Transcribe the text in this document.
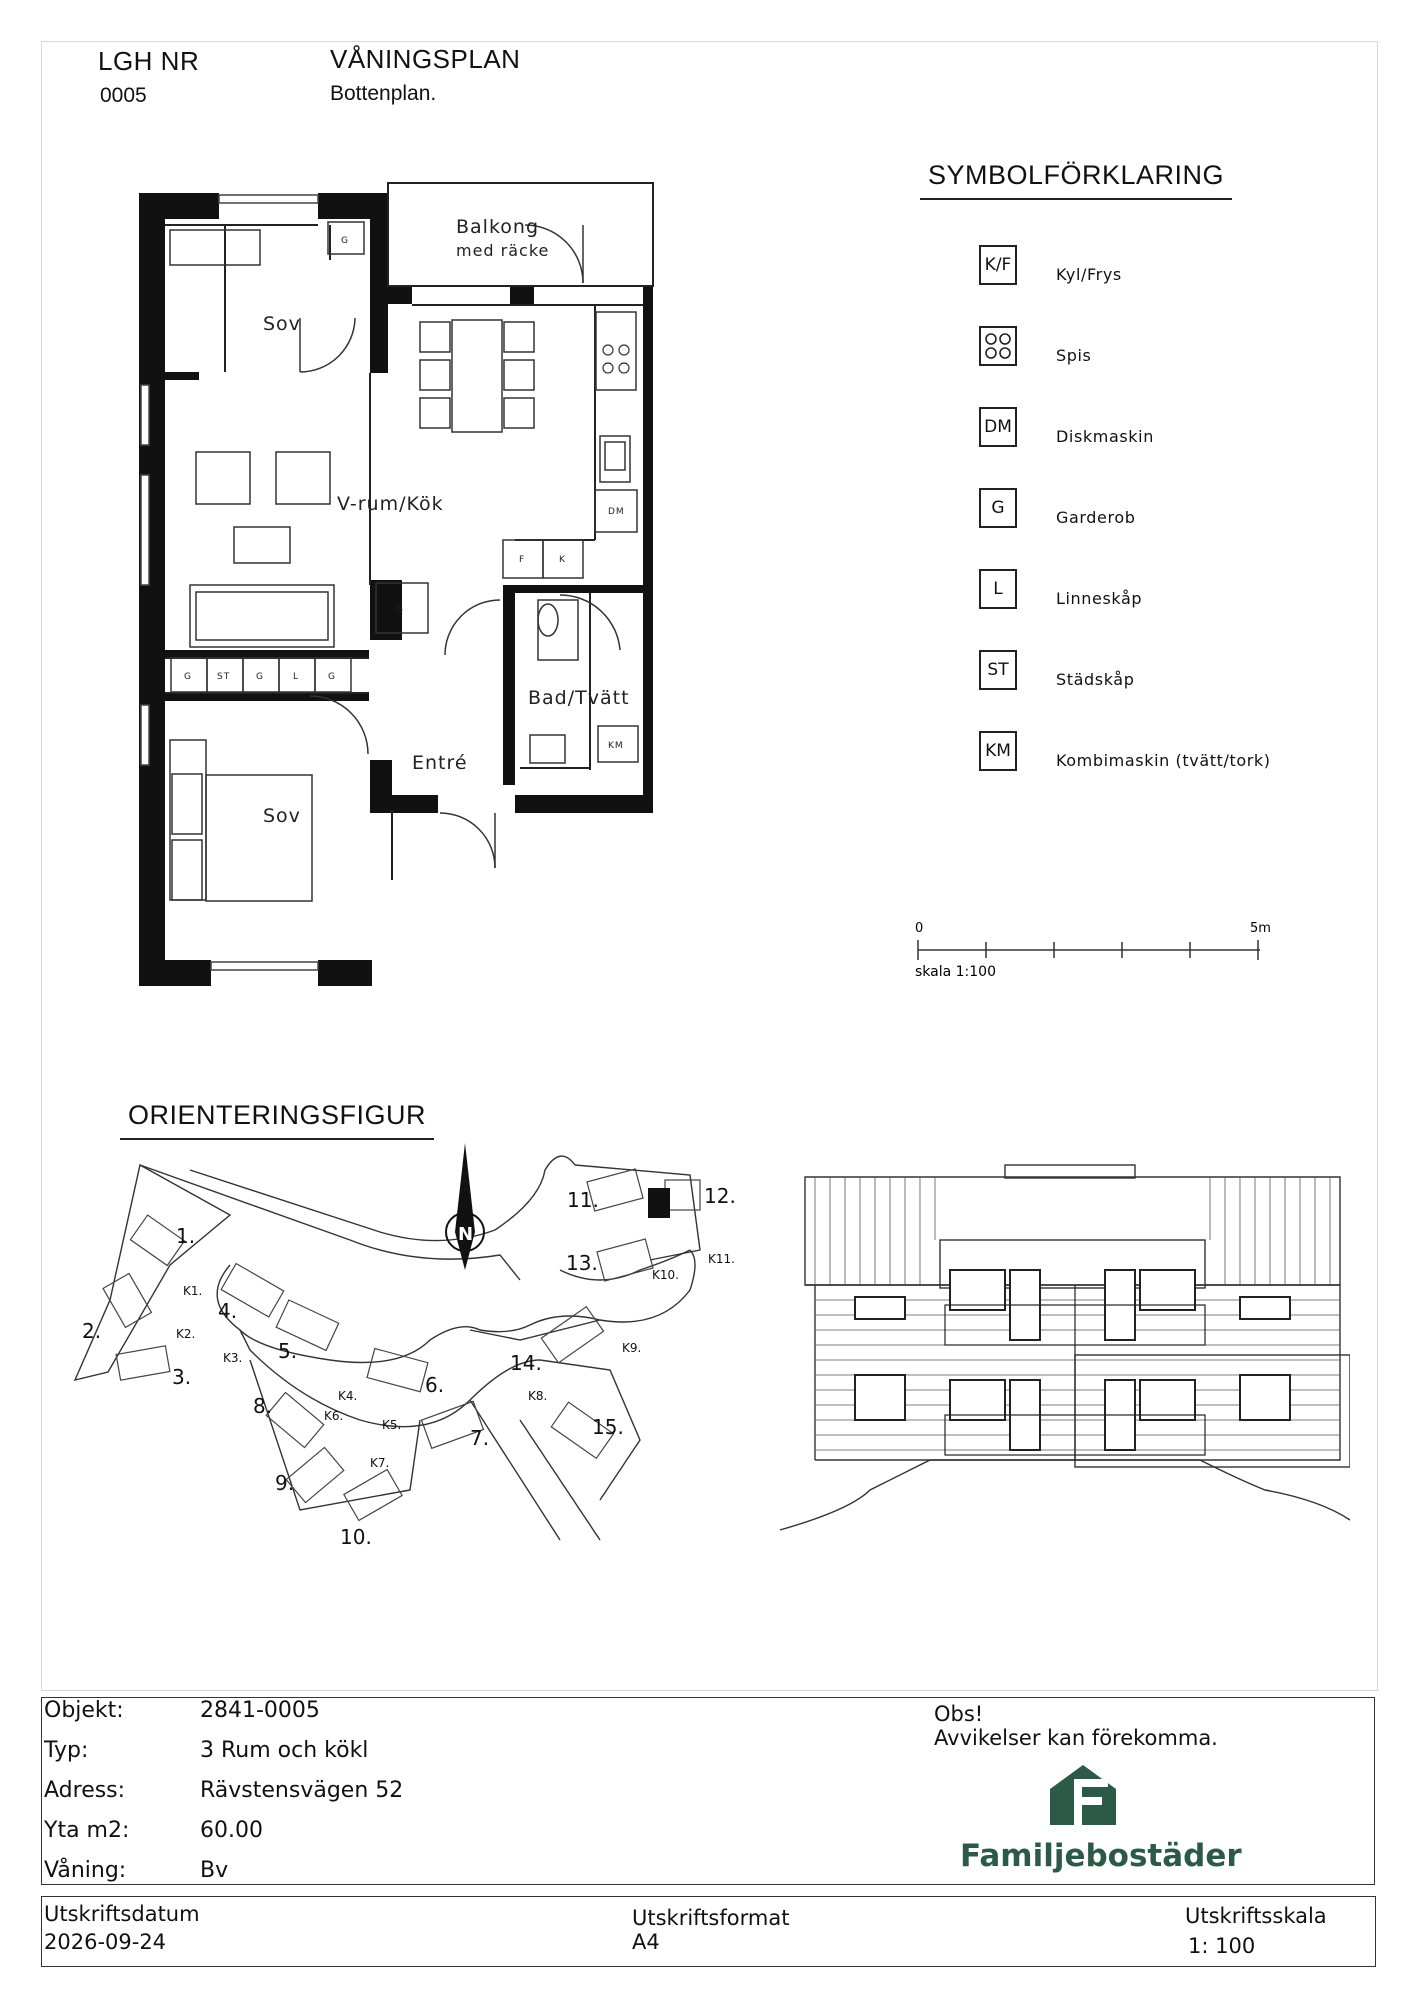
LGH NR
0005
VÅNINGSPLAN
Bottenplan.
Balkong
med räcke
Sov
V-rum/Kök
Bad/Tvätt
Entré
Sov
G
G
DM
F	K
KM
G	ST	G	L	G
SYMBOLFÖRKLARING
K/F	Kyl/Frys
Spis
DM	Diskmaskin
G	Garderob
L	Linneskåp
ST	Städskåp
KM	Kombimaskin (tvätt/tork)
0	5m
skala 1:100
ORIENTERINGSFIGUR
N
1.
2.
3.
4.
5.
6.
7.
8.
9.
10.
11.	12.
13.
14.
15.
K1.
K2.
K3.
K4.
K5.
K6.
K7.
K8.
K9.
K10.
K11.
Objekt:	2841-0005
Typ:	3 Rum och kökl
Adress:	Rävstensvägen 52
Yta m2:	60.00
Våning:	Bv
Obs!
Avvikelser kan förekomma.
Familjebostäder
Utskriftsdatum
2026-09-24
Utskriftsformat
A4
Utskriftsskala
1: 100
